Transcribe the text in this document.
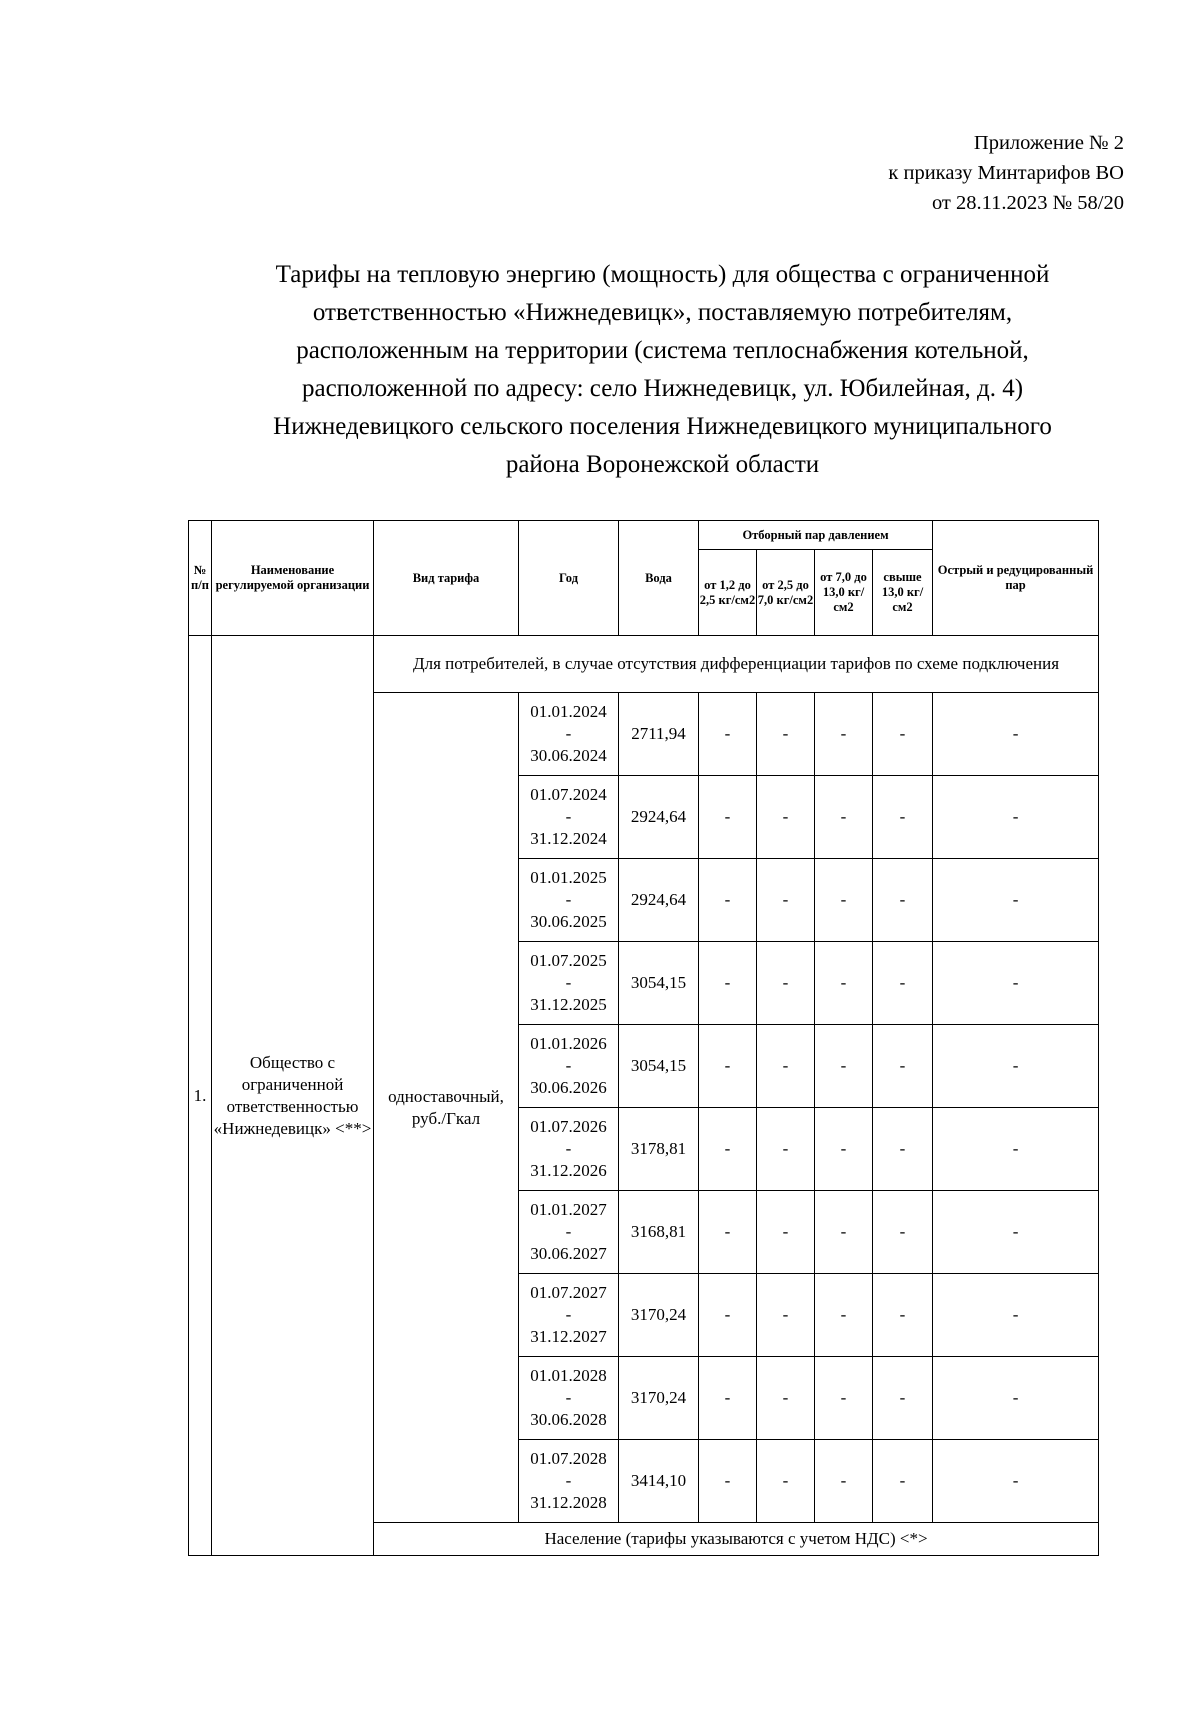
Приложение № 2
к приказу Минтарифов ВО
от 28.11.2023 № 58/20
Тарифы на тепловую энергию (мощность) для общества с ограниченной
ответственностью «Нижнедевицк», поставляемую потребителям,
расположенным на территории (система теплоснабжения котельной,
расположенной по адресу: село Нижнедевицк, ул. Юбилейная, д. 4)
Нижнедевицкого сельского поселения Нижнедевицкого муниципального
района Воронежской области
№ п/п	Наименование регулируемой организации	Вид тарифа	Год	Вода	Отборный пар давлением				Острый и редуцированный пар
					от 1,2 до 2,5 кг/см2	от 2,5 до 7,0 кг/см2	от 7,0 до 13,0 кг/см2	свыше 13,0 кг/см2	
1.	Общество с ограниченной ответственностью «Нижнедевицк» <**>	Для потребителей, в случае отсутствия дифференциации тарифов по схеме подключения							
		одноставочный, руб./Гкал	01.01.2024
-
30.06.2024	2711,94	-	-	-	-	-

			01.07.2024
-
31.12.2024	2924,64	-	-	-	-	-

			01.01.2025
-
30.06.2025	2924,64	-	-	-	-	-

			01.07.2025
-
31.12.2025	3054,15	-	-	-	-	-

			01.01.2026
-
30.06.2026	3054,15	-	-	-	-	-

			01.07.2026
-
31.12.2026	3178,81	-	-	-	-	-

			01.01.2027
-
30.06.2027	3168,81	-	-	-	-	-

			01.07.2027
-
31.12.2027	3170,24	-	-	-	-	-

			01.01.2028
-
30.06.2028	3170,24	-	-	-	-	-

			01.07.2028
-
31.12.2028	3414,10	-	-	-	-	-
		Население (тарифы указываются с учетом НДС) <*>							
